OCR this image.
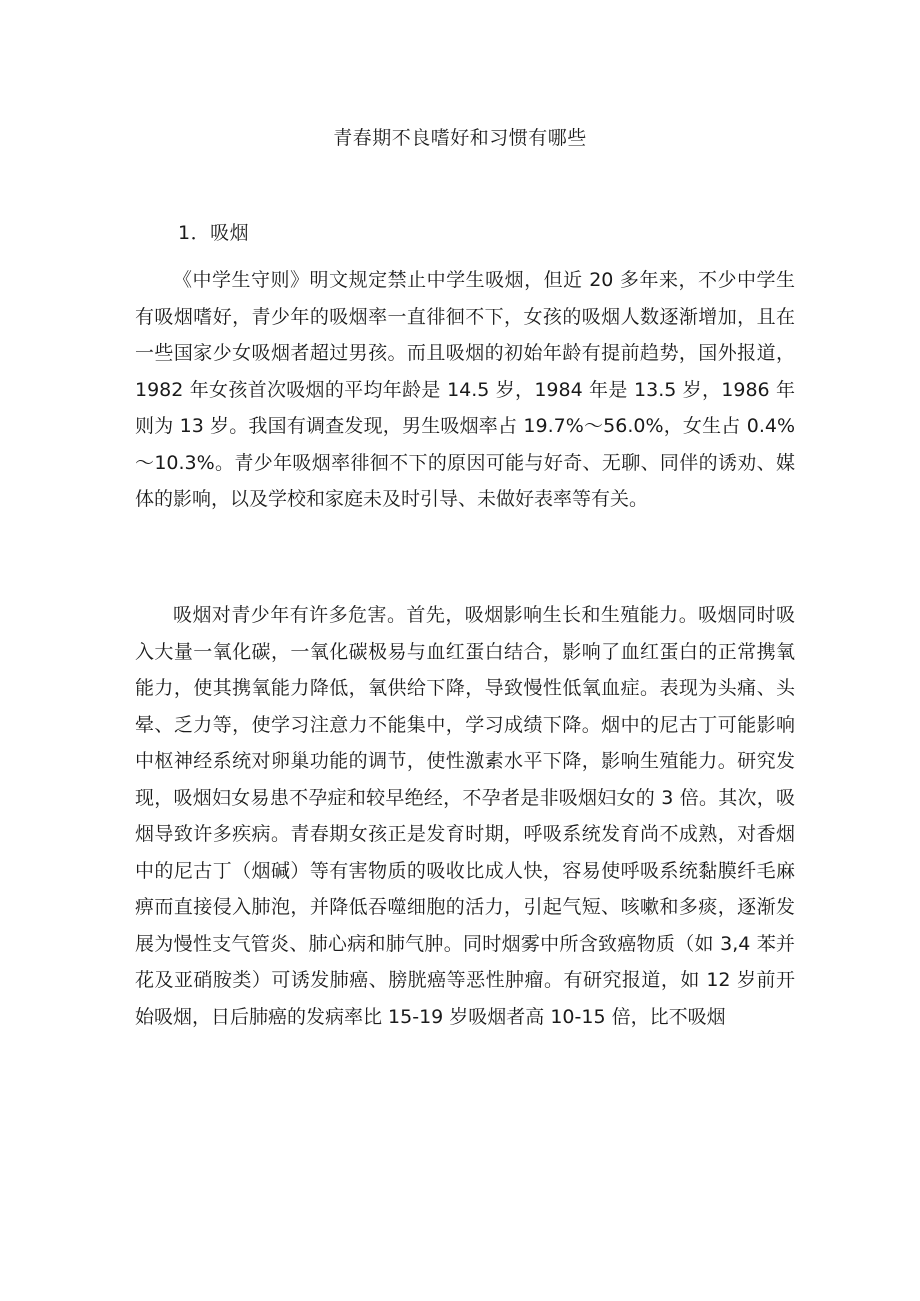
青春期不良嗜好和习惯有哪些
1．吸烟

《中学生守则》明文规定禁止中学生吸烟，但近 20 多年来，不少中学生有吸烟嗜好，青少年的吸烟率一直徘徊不下，女孩的吸烟人数逐渐增加，且在一些国家少女吸烟者超过男孩。而且吸烟的初始年龄有提前趋势，国外报道，1982 年女孩首次吸烟的平均年龄是 14.5 岁，1984 年是 13.5 岁，1986 年则为 13 岁。我国有调查发现，男生吸烟率占 19.7%～56.0%，女生占 0.4%～10.3%。青少年吸烟率徘徊不下的原因可能与好奇、无聊、同伴的诱劝、媒体的影响，以及学校和家庭未及时引导、未做好表率等有关。

吸烟对青少年有许多危害。首先，吸烟影响生长和生殖能力。吸烟同时吸入大量一氧化碳，一氧化碳极易与血红蛋白结合，影响了血红蛋白的正常携氧能力，使其携氧能力降低，氧供给下降，导致慢性低氧血症。表现为头痛、头晕、乏力等，使学习注意力不能集中，学习成绩下降。烟中的尼古丁可能影响中枢神经系统对卵巢功能的调节，使性激素水平下降，影响生殖能力。研究发现，吸烟妇女易患不孕症和较早绝经，不孕者是非吸烟妇女的 3 倍。其次，吸烟导致许多疾病。青春期女孩正是发育时期，呼吸系统发育尚不成熟，对香烟中的尼古丁（烟碱）等有害物质的吸收比成人快，容易使呼吸系统黏膜纤毛麻痹而直接侵入肺泡，并降低吞噬细胞的活力，引起气短、咳嗽和多痰，逐渐发展为慢性支气管炎、肺心病和肺气肿。同时烟雾中所含致癌物质（如 3,4 苯并花及亚硝胺类）可诱发肺癌、膀胱癌等恶性肿瘤。有研究报道，如 12 岁前开始吸烟，日后肺癌的发病率比 15-19 岁吸烟者高 10-15 倍，比不吸烟
